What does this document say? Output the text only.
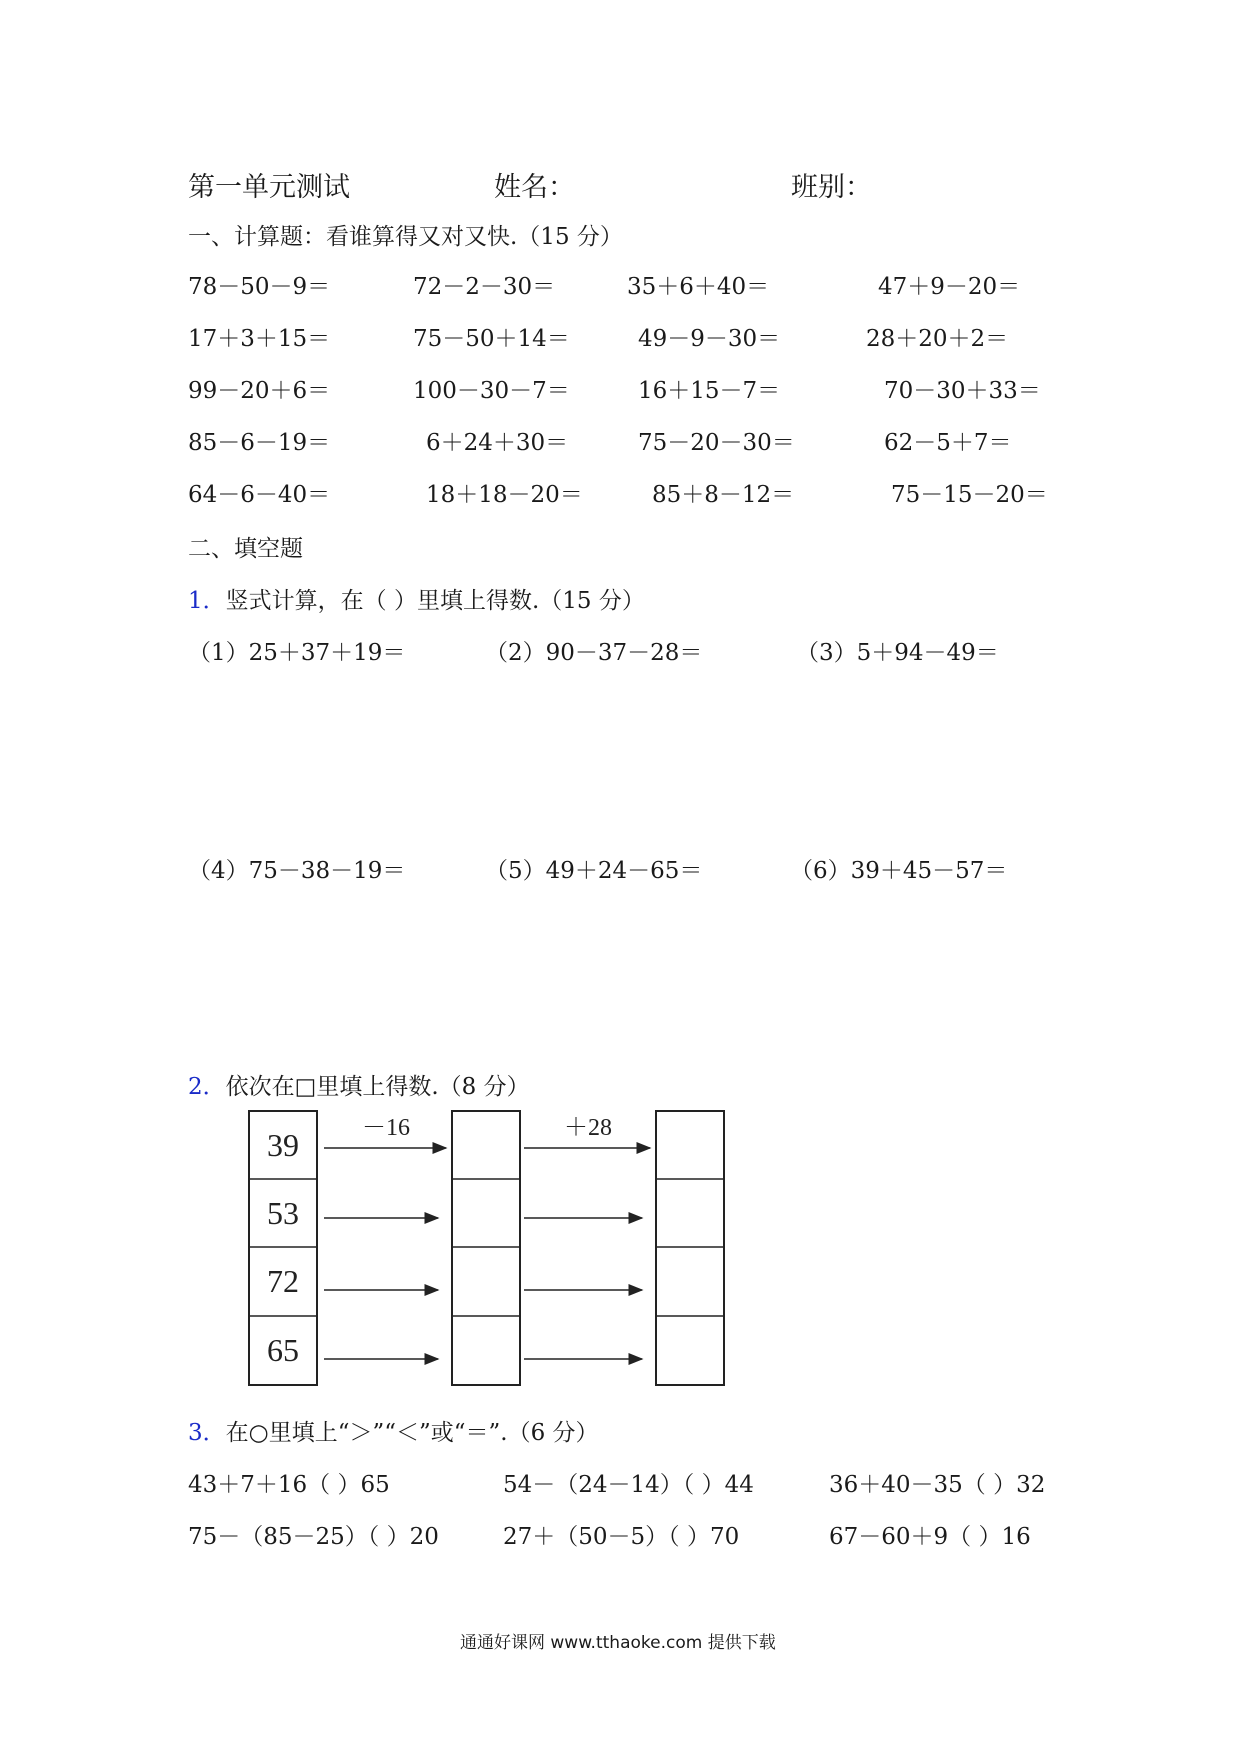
第一单元测试	姓名：	班别：
一、计算题：看谁算得又对又快.（15 分）
78－50－9＝	72－2－30＝	35＋6＋40＝	47＋9－20＝
17＋3＋15＝	75－50＋14＝	49－9－30＝	28＋20＋2＝
99－20＋6＝	100－30－7＝	16＋15－7＝	70－30＋33＝
85－6－19＝	6＋24＋30＝	75－20－30＝	62－5＋7＝
64－6－40＝	18＋18－20＝	85＋8－12＝	75－15－20＝
二、填空题
1．竖式计算，在（ ）里填上得数.（15 分）
（1）25＋37＋19＝	（2）90－37－28＝	（3）5＋94－49＝
（4）75－38－19＝	（5）49＋24－65＝	（6）39＋45－57＝
2．依次在□里填上得数.（8 分）
39
53
72
65
－16	＋28
3．在○里填上“＞”“＜”或“＝”.（6 分）
43＋7＋16（ ）65	54－（24－14）（ ）44	36＋40－35（ ）32
75－（85－25）（ ）20	27＋（50－5）（ ）70	67－60＋9（ ）16
通通好课网 www.tthaoke.com 提供下载
